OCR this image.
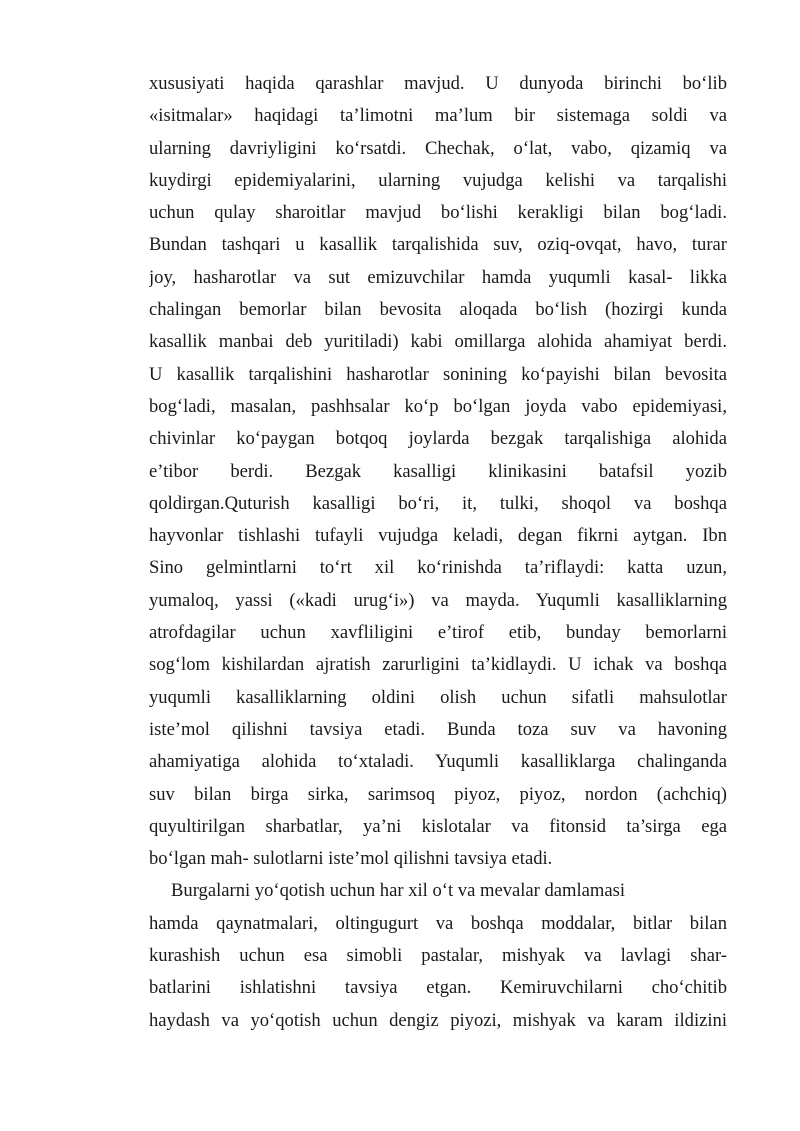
xususiyati haqida qarashlar mavjud. U dunyoda birinchi bo‘lib
«isitmalar» haqidagi ta’limotni ma’lum bir sistemaga soldi va
ularning davriyligini ko‘rsatdi. Chechak, o‘lat, vabo, qizamiq va
kuydirgi epidemiyalarini, ularning vujudga kelishi va tarqalishi
uchun qulay sharoitlar mavjud bo‘lishi kerakligi bilan bog‘ladi.
Bundan tashqari u kasallik tarqalishida suv, oziq-ovqat, havo, turar
joy, hasharotlar va sut emizuvchilar hamda yuqumli kasal- likka
chalingan bemorlar bilan bevosita aloqada bo‘lish (hozirgi kunda
kasallik manbai deb yuritiladi) kabi omillarga alohida ahamiyat berdi.
U kasallik tarqalishini hasharotlar sonining ko‘payishi bilan bevosita
bog‘ladi, masalan, pashhsalar ko‘p bo‘lgan joyda vabo epidemiyasi,
chivinlar ko‘paygan botqoq joylarda bezgak tarqalishiga alohida
e’tibor berdi. Bezgak kasalligi klinikasini batafsil yozib
qoldirgan.Quturish kasalligi bo‘ri, it, tulki, shoqol va boshqa
hayvonlar tishlashi tufayli vujudga keladi, degan fikrni aytgan. Ibn
Sino gelmintlarni to‘rt xil ko‘rinishda ta’riflaydi: katta uzun,
yumaloq, yassi («kadi urug‘i») va mayda. Yuqumli kasalliklarning
atrofdagilar uchun xavfliligini e’tirof etib, bunday bemorlarni
sog‘lom kishilardan ajratish zarurligini ta’kidlaydi. U ichak va boshqa
yuqumli kasalliklarning oldini olish uchun sifatli mahsulotlar
iste’mol qilishni tavsiya etadi. Bunda toza suv va havoning
ahamiyatiga alohida to‘xtaladi. Yuqumli kasalliklarga chalinganda
suv bilan birga sirka, sarimsoq piyoz, piyoz, nordon (achchiq)
quyultirilgan sharbatlar, ya’ni kislotalar va fitonsid ta’sirga ega
bo‘lgan mah- sulotlarni iste’mol qilishni tavsiya etadi.
Burgalarni yo‘qotish uchun har xil o‘t va mevalar damlamasi
hamda qaynatmalari, oltingugurt va boshqa moddalar, bitlar bilan
kurashish uchun esa simobli pastalar, mishyak va lavlagi shar-
batlarini ishlatishni tavsiya etgan. Kemiruvchilarni cho‘chitib
haydash va yo‘qotish uchun dengiz piyozi, mishyak va karam ildizini
